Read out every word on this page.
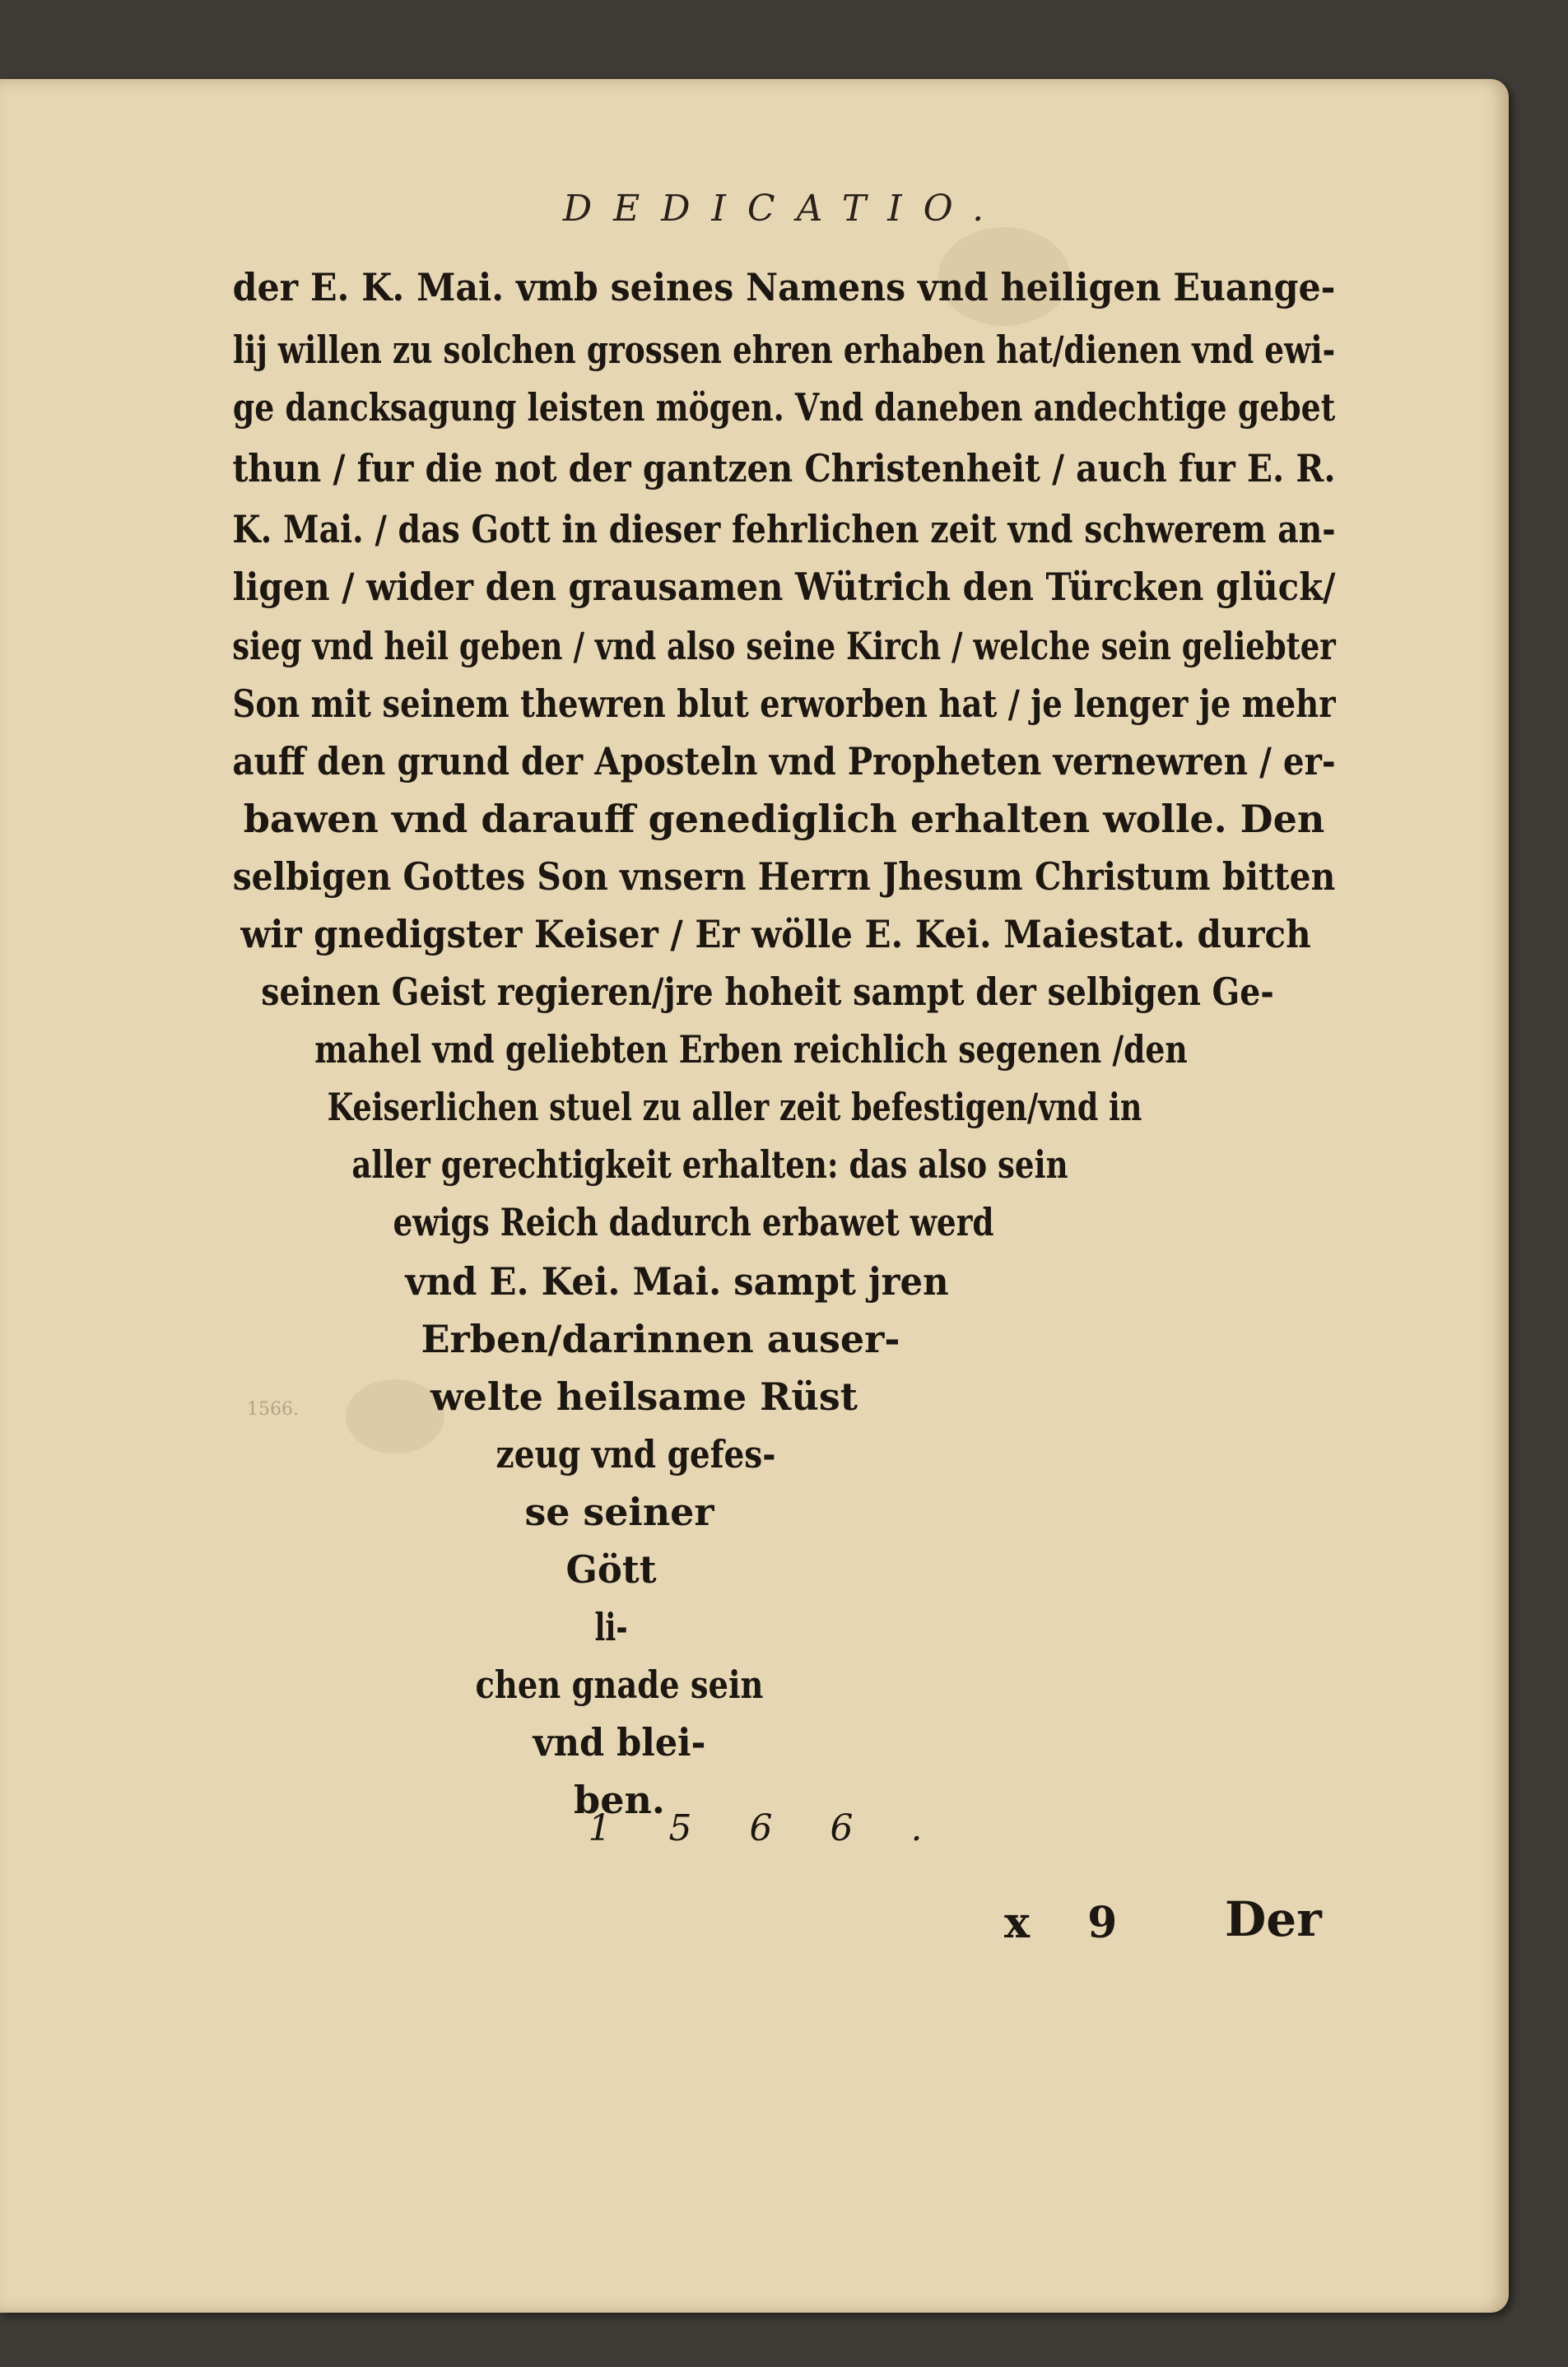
DEDICATIO.
der E. K. Mai. vmb seines Namens vnd heiligen Euange-
lij willen zu solchen grossen ehren erhaben hat/dienen vnd ewi-
ge dancksagung leisten mögen. Vnd daneben andechtige gebet
thun / fur die not der gantzen Christenheit / auch fur E. R.
K. Mai. / das Gott in dieser fehrlichen zeit vnd schwerem an-
ligen / wider den grausamen Wütrich den Türcken glück/
sieg vnd heil geben / vnd also seine Kirch / welche sein geliebter
Son mit seinem thewren blut erworben hat / je lenger je mehr
auff den grund der Aposteln vnd Propheten vernewren / er-
bawen vnd darauff genediglich erhalten wolle. Den
selbigen Gottes Son vnsern Herrn Jhesum Christum bitten
wir gnedigster Keiser / Er wölle E. Kei. Maiestat. durch
seinen Geist regieren/jre hoheit sampt der selbigen Ge-
mahel vnd geliebten Erben reichlich segenen /den
Keiserlichen stuel zu aller zeit befestigen/vnd in
aller gerechtigkeit erhalten: das also sein
ewigs Reich dadurch erbawet werd
vnd E. Kei. Mai. sampt jren
Erben/darinnen auser-
welte heilsame Rüst
zeug vnd gefes-
se seiner
Gött
li-
chen gnade sein
vnd blei-
ben.
1566.
1566.
x 9 Der
